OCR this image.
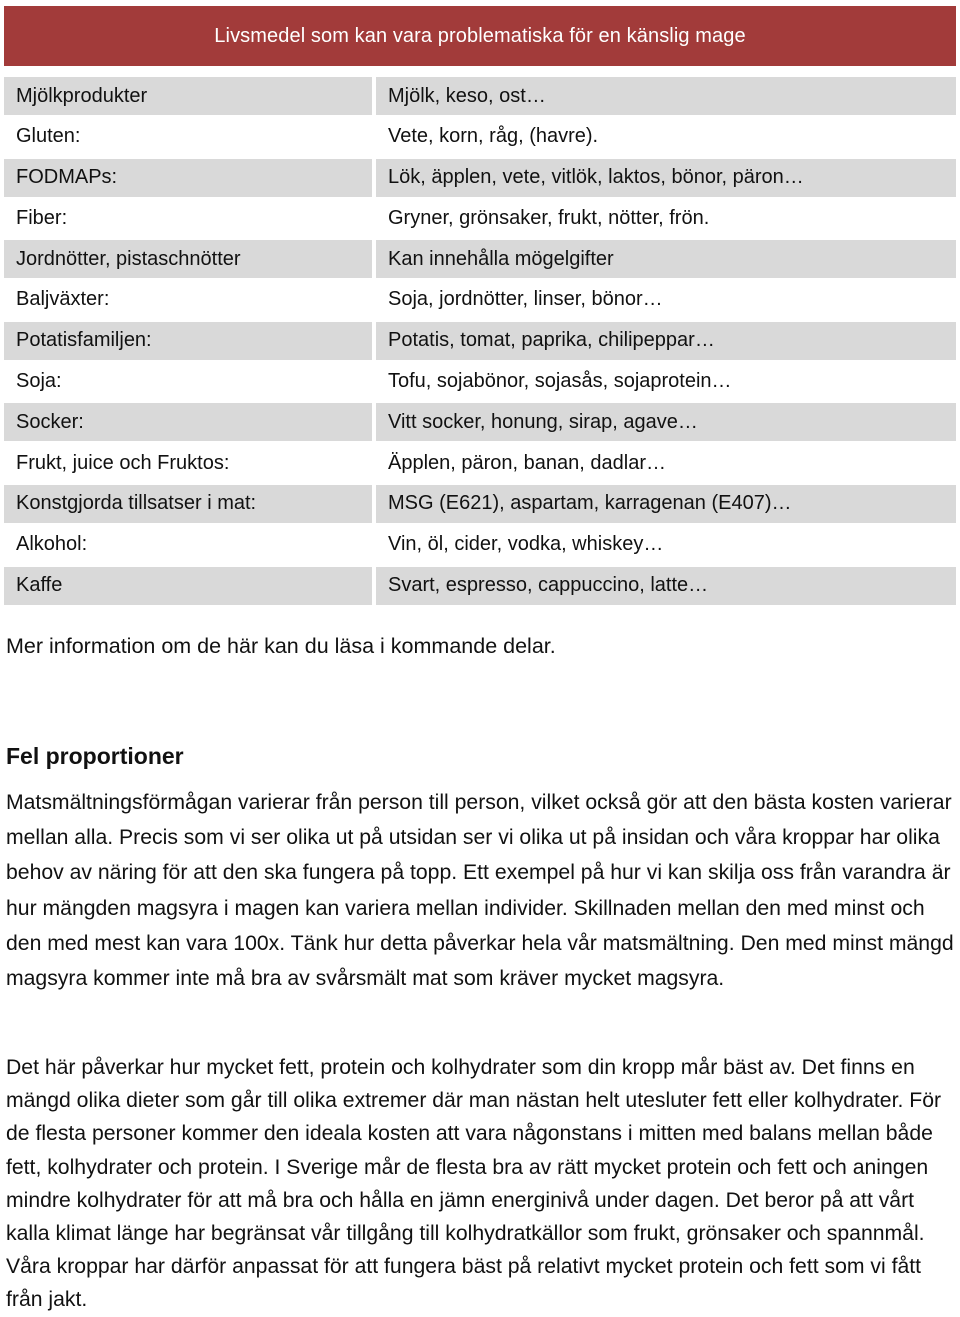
Livsmedel som kan vara problematiska för en känslig mage
Mjölkprodukter	Mjölk, keso, ost…
Gluten:	Vete, korn, råg, (havre).
FODMAPs:	Lök, äpplen, vete, vitlök, laktos, bönor, päron…
Fiber:	Gryner, grönsaker, frukt, nötter, frön.
Jordnötter, pistaschnötter	Kan innehålla mögelgifter
Baljväxter:	Soja, jordnötter, linser, bönor…
Potatisfamiljen:	Potatis, tomat, paprika, chilipeppar…
Soja:	Tofu, sojabönor, sojasås, sojaprotein…
Socker:	Vitt socker, honung, sirap, agave…
Frukt, juice och Fruktos:	Äpplen, päron, banan, dadlar…
Konstgjorda tillsatser i mat:	MSG (E621), aspartam, karragenan (E407)…
Alkohol:	Vin, öl, cider, vodka, whiskey…
Kaffe	Svart, espresso, cappuccino, latte…
Mer information om de här kan du läsa i kommande delar.
Fel proportioner

Matsmältningsförmågan varierar från person till person, vilket också gör att den bästa kosten varierar mellan alla. Precis som vi ser olika ut på utsidan ser vi olika ut på insidan och våra kroppar har olika behov av näring för att den ska fungera på topp. Ett exempel på hur vi kan skilja oss från varandra är hur mängden magsyra i magen kan variera mellan individer. Skillnaden mellan den med minst och den med mest kan vara 100x. Tänk hur detta påverkar hela vår matsmältning. Den med minst mängd magsyra kommer inte må bra av svårsmält mat som kräver mycket magsyra.

Det här påverkar hur mycket fett, protein och kolhydrater som din kropp mår bäst av. Det finns en mängd olika dieter som går till olika extremer där man nästan helt utesluter fett eller kolhydrater. För de flesta personer kommer den ideala kosten att vara någonstans i mitten med balans mellan både fett, kolhydrater och protein. I Sverige mår de flesta bra av rätt mycket protein och fett och aningen mindre kolhydrater för att må bra och hålla en jämn energinivå under dagen. Det beror på att vårt kalla klimat länge har begränsat vår tillgång till kolhydratkällor som frukt, grönsaker och spannmål. Våra kroppar har därför anpassat för att fungera bäst på relativt mycket protein och fett som vi fått från jakt.
